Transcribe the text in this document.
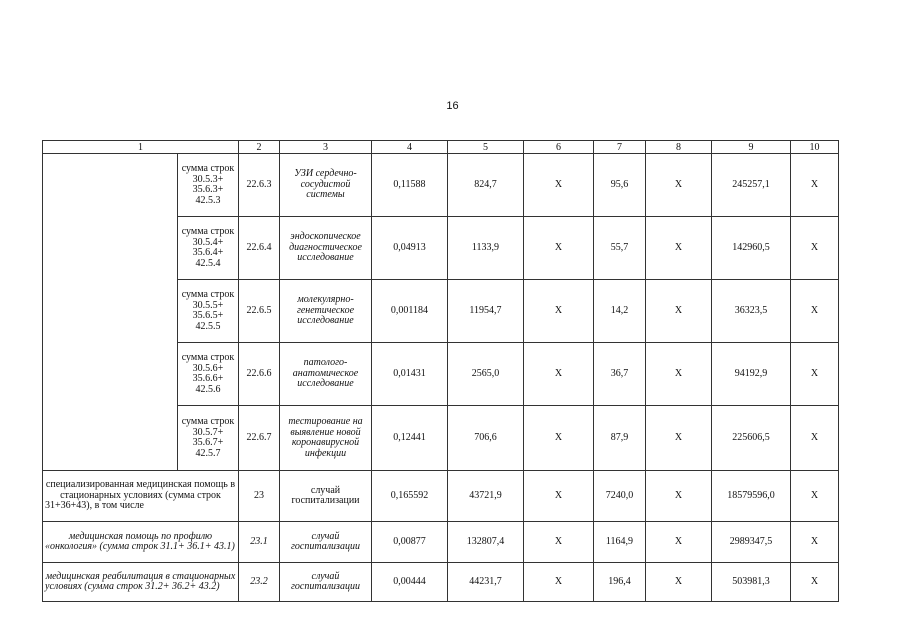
16
1		2	3	4	5	6	7	8	9	10
	сумма строк 30.5.3+ 35.6.3+ 42.5.3	22.6.3	УЗИ сердечно-сосудистой системы	0,11588	824,7	X	95,6	X	245257,1	X
	сумма строк 30.5.4+ 35.6.4+ 42.5.4	22.6.4	эндоскопическое диагностическое исследование	0,04913	1133,9	X	55,7	X	142960,5	X
	сумма строк 30.5.5+ 35.6.5+ 42.5.5	22.6.5	молекулярно-генетическое исследование	0,001184	11954,7	X	14,2	X	36323,5	X
	сумма строк 30.5.6+ 35.6.6+ 42.5.6	22.6.6	патолого-анатомическое исследование	0,01431	2565,0	X	36,7	X	94192,9	X
	сумма строк 30.5.7+ 35.6.7+ 42.5.7	22.6.7	тестирование на выявление новой коронавирусной инфекции	0,12441	706,6	X	87,9	X	225606,5	X
специализированная медицинская помощь в стационарных условиях (сумма строк 31+36+43), в том числе		23	случай госпитализации	0,165592	43721,9	X	7240,0	X	18579596,0	X
медицинская помощь по профилю «онкология» (сумма строк 31.1+ 36.1+ 43.1)		23.1	случай госпитализации	0,00877	132807,4	X	1164,9	X	2989347,5	X
медицинская реабилитация в стационарных условиях (сумма строк 31.2+ 36.2+ 43.2)		23.2	случай госпитализации	0,00444	44231,7	X	196,4	X	503981,3	X
